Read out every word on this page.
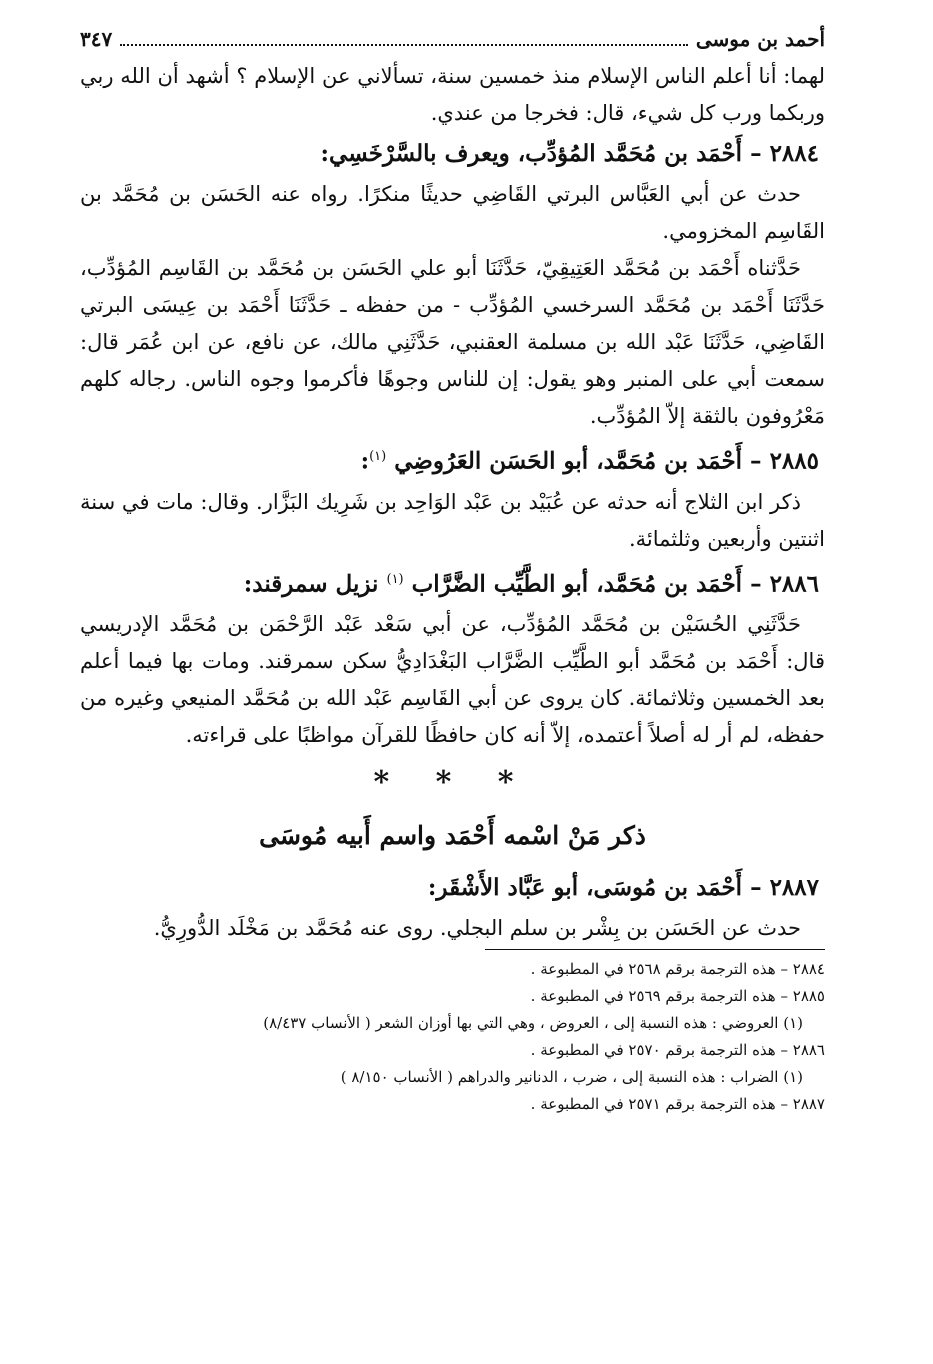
أحمد بن موسى
٣٤٧

لهما: أنا أعلم الناس الإسلام منذ خمسين سنة، تسألاني عن الإسلام ؟ أشهد أن الله ربي وربكما ورب كل شيء، قال: فخرجا من عندي.

٢٨٨٤ – أَحْمَد بن مُحَمَّد المُؤدِّب، ويعرف بالسَّرْخَسِي:

حدث عن أبي العَبَّاس البرتي القَاضِي حديثًا منكرًا. رواه عنه الحَسَن بن مُحَمَّد بن القَاسِم المخزومي.

حَدَّثناه أَحْمَد بن مُحَمَّد العَتِيقِيّ، حَدَّثَنَا أبو علي الحَسَن بن مُحَمَّد بن القَاسِم المُؤدِّب، حَدَّثَنَا أَحْمَد بن مُحَمَّد السرخسي المُؤدِّب - من حفظه ـ حَدَّثَنَا أَحْمَد بن عِيسَى البرتي القَاضِي، حَدَّثَنَا عَبْد الله بن مسلمة العقنبي، حَدَّثَنِي مالك، عن نافع، عن ابن عُمَر قال: سمعت أبي على المنبر وهو يقول: إن للناس وجوهًا فأكرموا وجوه الناس. رجاله كلهم مَعْرُوفون بالثقة إلاّ المُؤدِّب.

٢٨٨٥ – أَحْمَد بن مُحَمَّد، أبو الحَسَن العَرُوضِي $^{(١)}$:

ذكر ابن الثلاج أنه حدثه عن عُبَيْد بن عَبْد الوَاحِد بن شَرِيك البَزَّار. وقال: مات في سنة اثنتين وأربعين وثلثمائة.

٢٨٨٦ – أَحْمَد بن مُحَمَّد، أبو الطَّيِّب الضَّرَّاب $^{(١)}$ نزيل سمرقند:

حَدَّثَنِي الحُسَيْن بن مُحَمَّد المُؤدِّب، عن أبي سَعْد عَبْد الرَّحْمَن بن مُحَمَّد الإدريسي قال: أَحْمَد بن مُحَمَّد أبو الطَّيِّب الضَّرَّاب البَغْدَادِيُّ سكن سمرقند. ومات بها فيما أعلم بعد الخمسين وثلاثمائة. كان يروى عن أبي القَاسِم عَبْد الله بن مُحَمَّد المنيعي وغيره من حفظه، لم أر له أصلاً أعتمده، إلاّ أنه كان حافظًا للقرآن مواظبًا على قراءته.

* * *
ذكر مَنْ اسْمه أَحْمَد واسم أَبيه مُوسَى
٢٨٨٧ – أَحْمَد بن مُوسَى، أبو عَبَّاد الأَشْقَر:

حدث عن الحَسَن بن بِشْر بن سلم البجلي. روى عنه مُحَمَّد بن مَخْلَد الدُّورِيُّ.

٢٨٨٤ – هذه الترجمة برقم ٢٥٦٨ في المطبوعة .
٢٨٨٥ – هذه الترجمة برقم ٢٥٦٩ في المطبوعة .
(١) العروضي : هذه النسبة إلى ، العروض ، وهي التي بها أوزان الشعر ( الأنساب ٨/٤٣٧)
٢٨٨٦ – هذه الترجمة برقم ٢٥٧٠ في المطبوعة .
(١) الضراب : هذه النسبة إلى ، ضرب ، الدنانير والدراهم ( الأنساب ٨/١٥٠ )
٢٨٨٧ – هذه الترجمة برقم ٢٥٧١ في المطبوعة .
